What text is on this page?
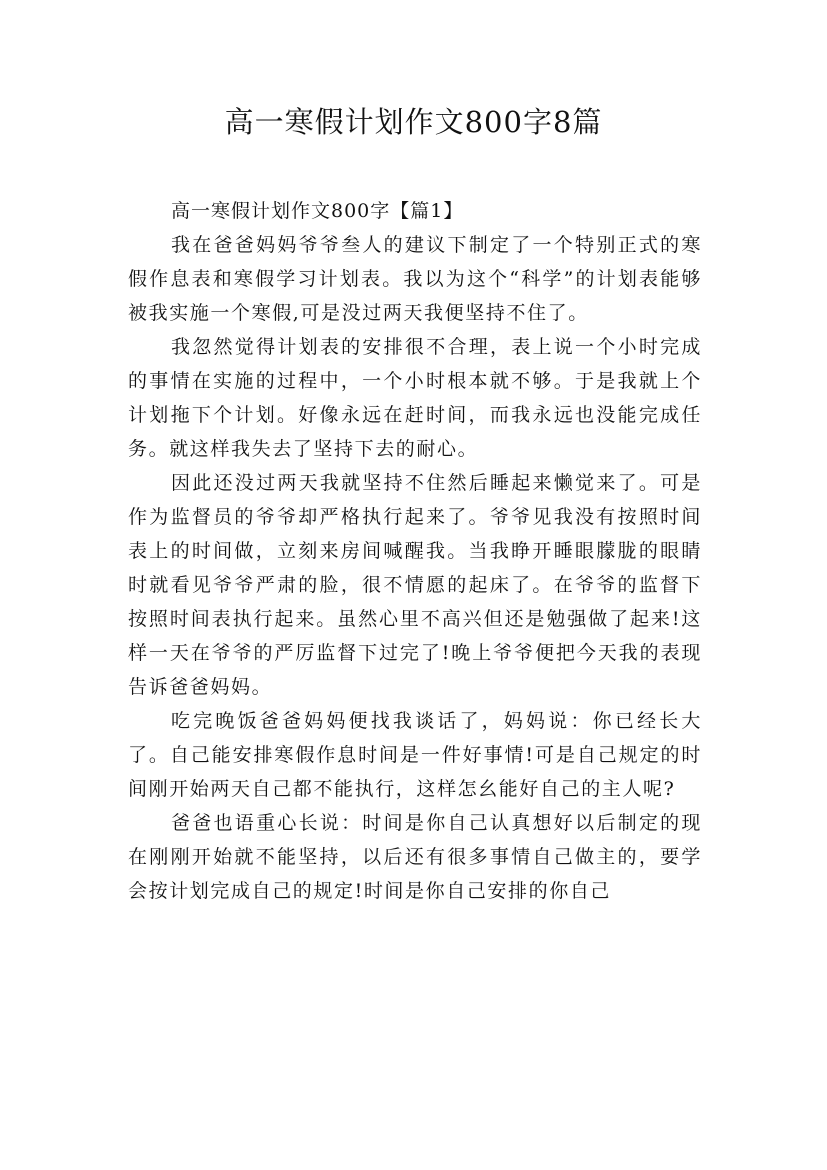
高一寒假计划作文800字8篇

高一寒假计划作文800字【篇1】

我在爸爸妈妈爷爷叁人的建议下制定了一个特别正式的寒假作息表和寒假学习计划表。我以为这个“科学”的计划表能够被我实施一个寒假,可是没过两天我便坚持不住了。

我忽然觉得计划表的安排很不合理，表上说一个小时完成的事情在实施的过程中，一个小时根本就不够。于是我就上个计划拖下个计划。好像永远在赶时间，而我永远也没能完成任务。就这样我失去了坚持下去的耐心。

因此还没过两天我就坚持不住然后睡起来懒觉来了。可是作为监督员的爷爷却严格执行起来了。爷爷见我没有按照时间表上的时间做，立刻来房间喊醒我。当我睁开睡眼朦胧的眼睛时就看见爷爷严肃的脸，很不情愿的起床了。在爷爷的监督下按照时间表执行起来。虽然心里不高兴但还是勉强做了起来!这样一天在爷爷的严厉监督下过完了!晚上爷爷便把今天我的表现告诉爸爸妈妈。

吃完晚饭爸爸妈妈便找我谈话了，妈妈说：你已经长大了。自己能安排寒假作息时间是一件好事情!可是自己规定的时间刚开始两天自己都不能执行，这样怎幺能好自己的主人呢?

爸爸也语重心长说：时间是你自己认真想好以后制定的现在刚刚开始就不能坚持，以后还有很多事情自己做主的，要学会按计划完成自己的规定!时间是你自己安排的你自己
